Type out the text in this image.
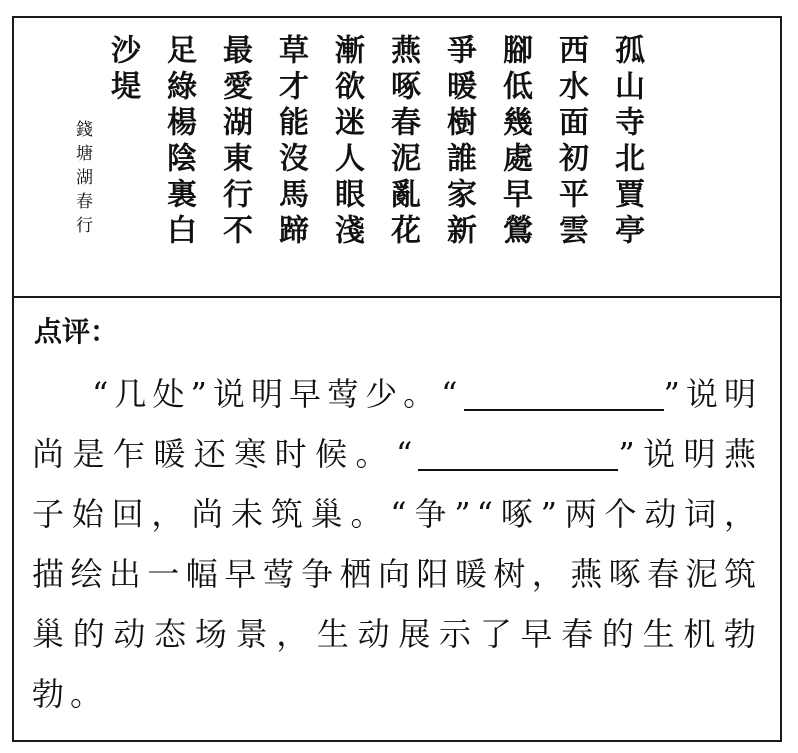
孤山寺北賈亭
西水面初平雲
腳低幾處早鶯
爭暖樹誰家新
燕啄春泥亂花
漸欲迷人眼淺
草才能沒馬蹄
最愛湖東行不
足綠楊陰裏白
沙堤
錢塘湖春行
点评：
“几处”说明早莺少。“	”说明尚是乍暖还寒时候。“	”说明燕子始回，尚未筑巢。“争”“啄”两个动词，描绘出一幅早莺争栖向阳暖树，燕啄春泥筑巢的动态场景，生动展示了早春的生机勃勃。
